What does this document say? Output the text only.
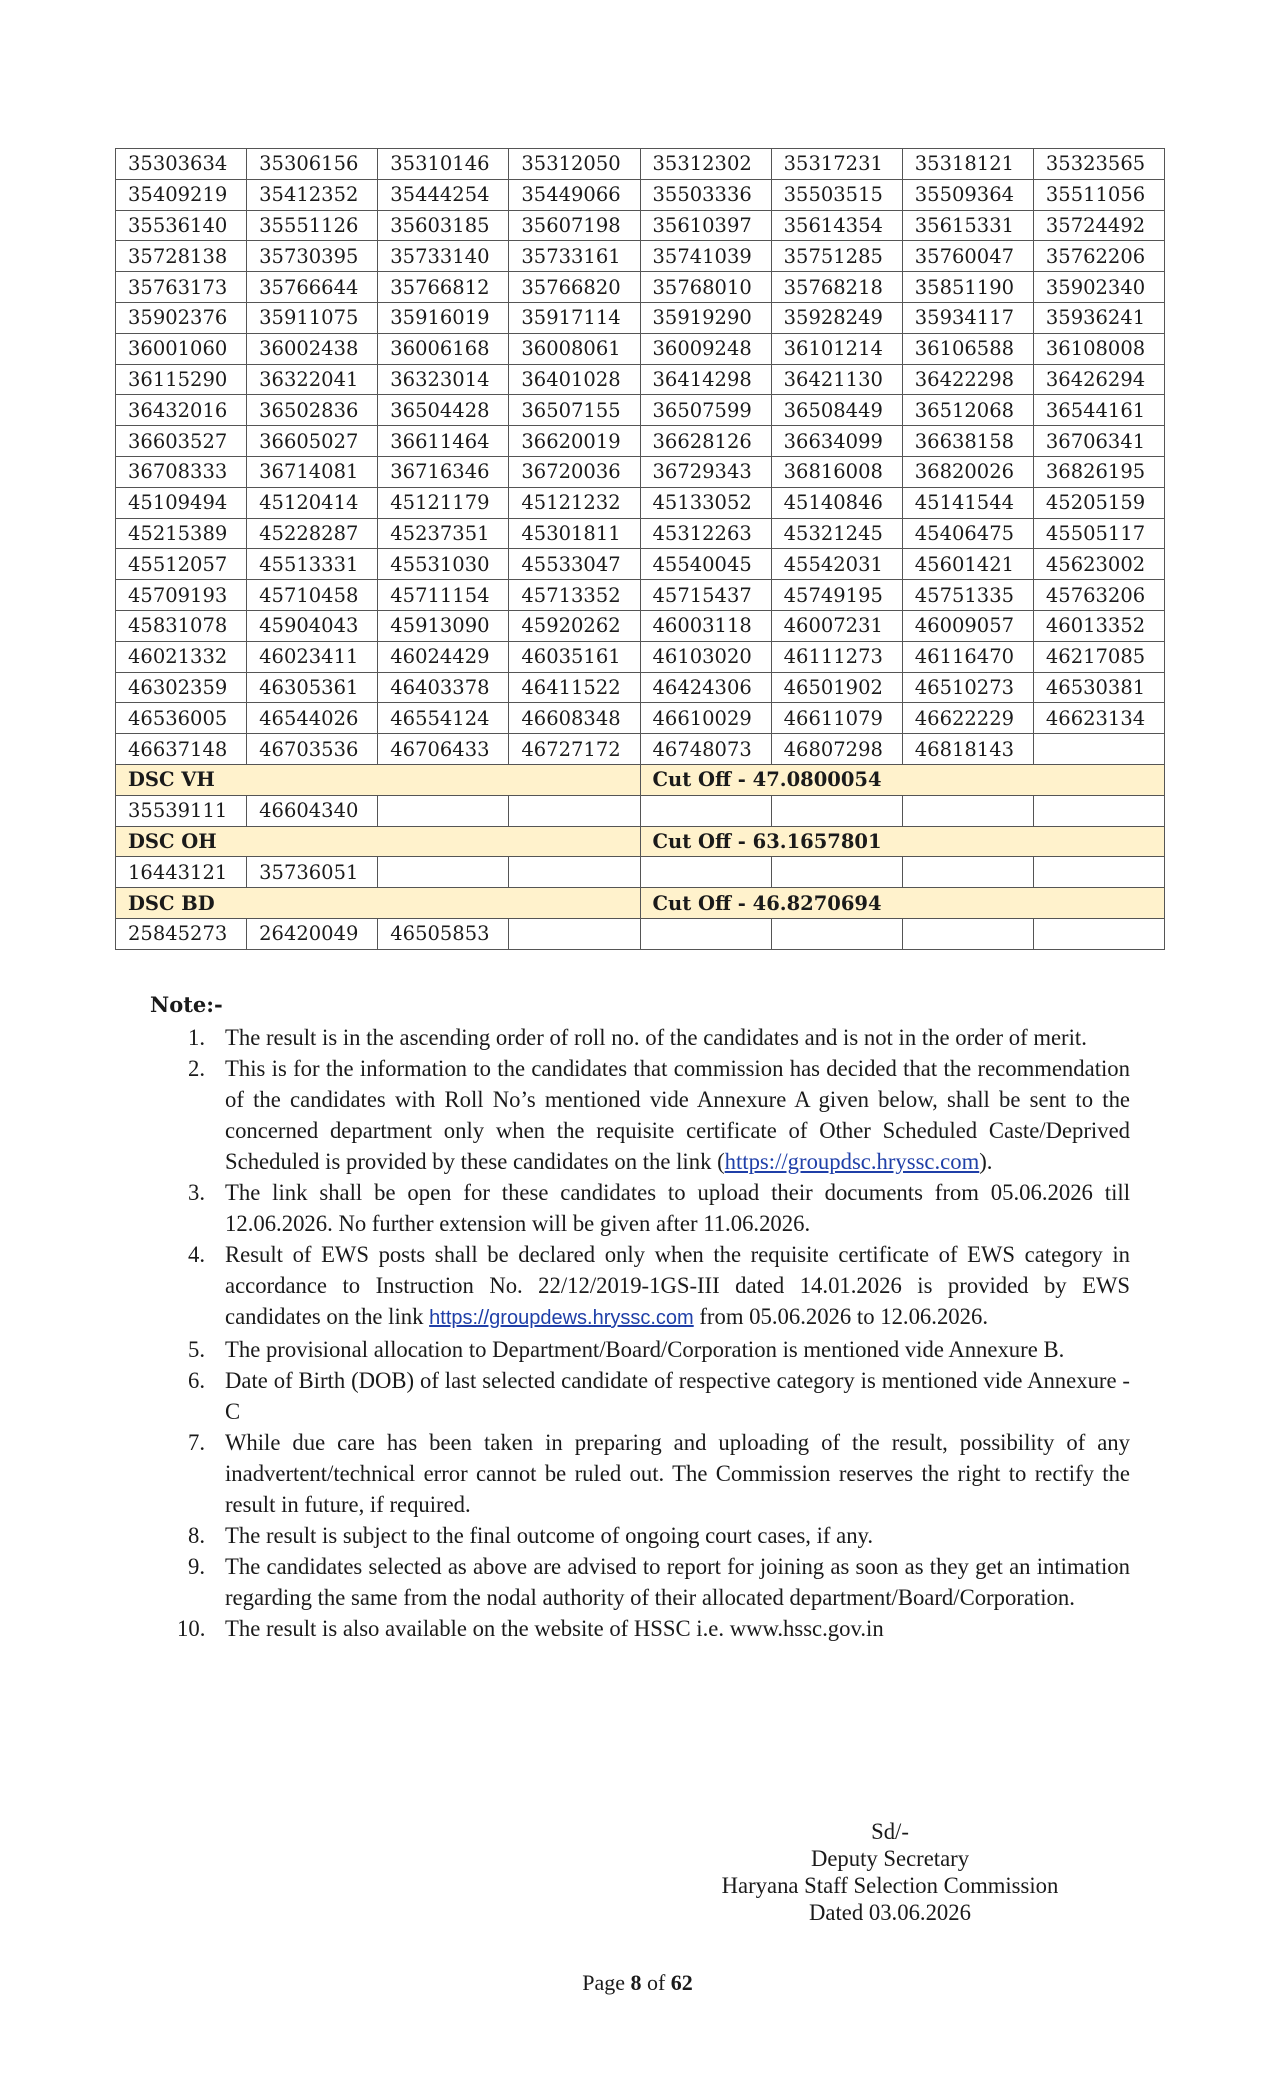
35303634	35306156	35310146	35312050	35312302	35317231	35318121	35323565
35409219	35412352	35444254	35449066	35503336	35503515	35509364	35511056
35536140	35551126	35603185	35607198	35610397	35614354	35615331	35724492
35728138	35730395	35733140	35733161	35741039	35751285	35760047	35762206
35763173	35766644	35766812	35766820	35768010	35768218	35851190	35902340
35902376	35911075	35916019	35917114	35919290	35928249	35934117	35936241
36001060	36002438	36006168	36008061	36009248	36101214	36106588	36108008
36115290	36322041	36323014	36401028	36414298	36421130	36422298	36426294
36432016	36502836	36504428	36507155	36507599	36508449	36512068	36544161
36603527	36605027	36611464	36620019	36628126	36634099	36638158	36706341
36708333	36714081	36716346	36720036	36729343	36816008	36820026	36826195
45109494	45120414	45121179	45121232	45133052	45140846	45141544	45205159
45215389	45228287	45237351	45301811	45312263	45321245	45406475	45505117
45512057	45513331	45531030	45533047	45540045	45542031	45601421	45623002
45709193	45710458	45711154	45713352	45715437	45749195	45751335	45763206
45831078	45904043	45913090	45920262	46003118	46007231	46009057	46013352
46021332	46023411	46024429	46035161	46103020	46111273	46116470	46217085
46302359	46305361	46403378	46411522	46424306	46501902	46510273	46530381
46536005	46544026	46554124	46608348	46610029	46611079	46622229	46623134
46637148	46703536	46706433	46727172	46748073	46807298	46818143	
DSC VH				Cut Off - 47.0800054			
35539111	46604340						
DSC OH				Cut Off - 63.1657801			
16443121	35736051						
DSC BD				Cut Off - 46.8270694			
25845273	26420049	46505853					
Note:-
1. The result is in the ascending order of roll no. of the candidates and is not in the order of merit.
2. This is for the information to the candidates that commission has decided that the recommendation of the candidates with Roll No’s mentioned vide Annexure A given below, shall be sent to the concerned department only when the requisite certificate of Other Scheduled Caste/Deprived Scheduled is provided by these candidates on the link (https://groupdsc.hryssc.com).
3. The link shall be open for these candidates to upload their documents from 05.06.2026 till 12.06.2026. No further extension will be given after 11.06.2026.
4. Result of EWS posts shall be declared only when the requisite certificate of EWS category in accordance to Instruction No. 22/12/2019-1GS-III dated 14.01.2026 is provided by EWS candidates on the link https://groupdews.hryssc.com from 05.06.2026 to 12.06.2026.
5. The provisional allocation to Department/Board/Corporation is mentioned vide Annexure B.
6. Date of Birth (DOB) of last selected candidate of respective category is mentioned vide Annexure - C
7. While due care has been taken in preparing and uploading of the result, possibility of any inadvertent/technical error cannot be ruled out. The Commission reserves the right to rectify the result in future, if required.
8. The result is subject to the final outcome of ongoing court cases, if any.
9. The candidates selected as above are advised to report for joining as soon as they get an intimation regarding the same from the nodal authority of their allocated department/Board/Corporation.
10. The result is also available on the website of HSSC i.e. www.hssc.gov.in
Sd/-
Deputy Secretary
Haryana Staff Selection Commission
Dated 03.06.2026
Page 8 of 62
